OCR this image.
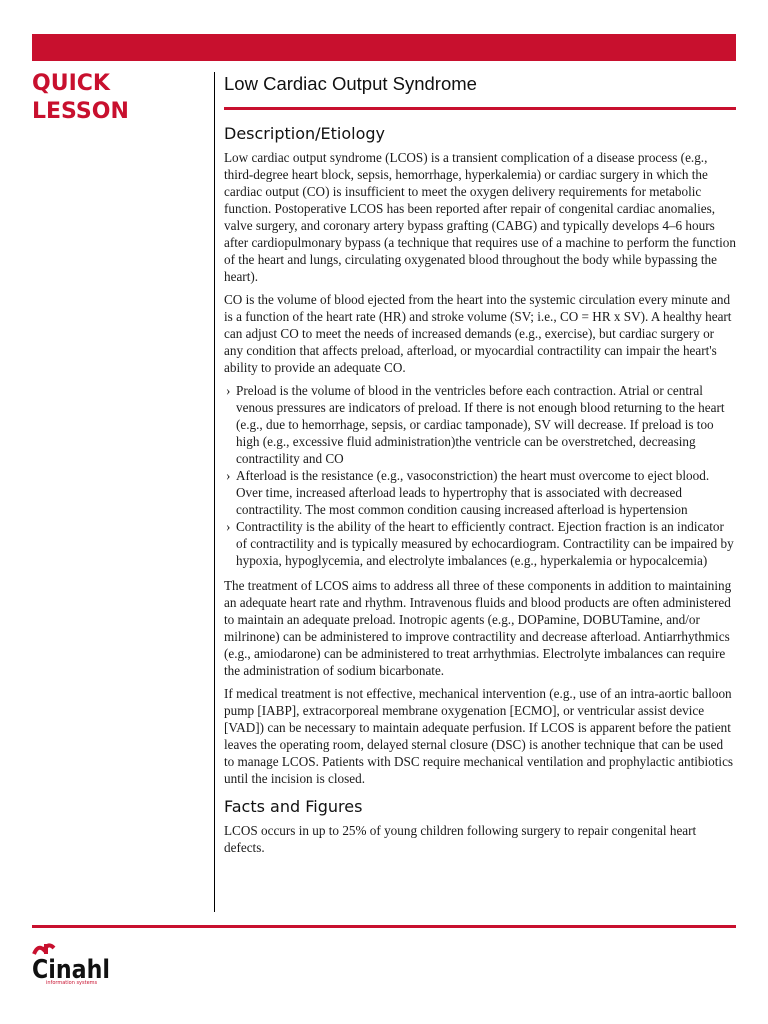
QUICK
LESSON
Low Cardiac Output Syndrome
Description/Etiology

Low cardiac output syndrome (LCOS) is a transient complication of a disease process (e.g., third-degree heart block, sepsis, hemorrhage, hyperkalemia) or cardiac surgery in which the cardiac output (CO) is insufficient to meet the oxygen delivery requirements for metabolic function. Postoperative LCOS has been reported after repair of congenital cardiac anomalies, valve surgery, and coronary artery bypass grafting (CABG) and typically develops 4–6 hours after cardiopulmonary bypass (a technique that requires use of a machine to perform the function of the heart and lungs, circulating oxygenated blood throughout the body while bypassing the heart).

CO is the volume of blood ejected from the heart into the systemic circulation every minute and is a function of the heart rate (HR) and stroke volume (SV; i.e., CO = HR x SV). A healthy heart can adjust CO to meet the needs of increased demands (e.g., exercise), but cardiac surgery or any condition that affects preload, afterload, or myocardial contractility can impair the heart's ability to provide an adequate CO.

› Preload is the volume of blood in the ventricles before each contraction. Atrial or central venous pressures are indicators of preload. If there is not enough blood returning to the heart (e.g., due to hemorrhage, sepsis, or cardiac tamponade), SV will decrease. If preload is too high (e.g., excessive fluid administration)the ventricle can be overstretched, decreasing contractility and CO
› Afterload is the resistance (e.g., vasoconstriction) the heart must overcome to eject blood. Over time, increased afterload leads to hypertrophy that is associated with decreased contractility. The most common condition causing increased afterload is hypertension
› Contractility is the ability of the heart to efficiently contract. Ejection fraction is an indicator of contractility and is typically measured by echocardiogram. Contractility can be impaired by hypoxia, hypoglycemia, and electrolyte imbalances (e.g., hyperkalemia or hypocalcemia)

The treatment of LCOS aims to address all three of these components in addition to maintaining an adequate heart rate and rhythm. Intravenous fluids and blood products are often administered to maintain an adequate preload. Inotropic agents (e.g., DOPamine, DOBUTamine, and/or milrinone) can be administered to improve contractility and decrease afterload. Antiarrhythmics (e.g., amiodarone) can be administered to treat arrhythmias. Electrolyte imbalances can require the administration of sodium bicarbonate.

If medical treatment is not effective, mechanical intervention (e.g., use of an intra-aortic balloon pump [IABP], extracorporeal membrane oxygenation [ECMO], or ventricular assist device [VAD]) can be necessary to maintain adequate perfusion. If LCOS is apparent before the patient leaves the operating room, delayed sternal closure (DSC) is another technique that can be used to manage LCOS. Patients with DSC require mechanical ventilation and prophylactic antibiotics until the incision is closed.

Facts and Figures

LCOS occurs in up to 25% of young children following surgery to repair congenital heart defects.

Cinahl
information systems
